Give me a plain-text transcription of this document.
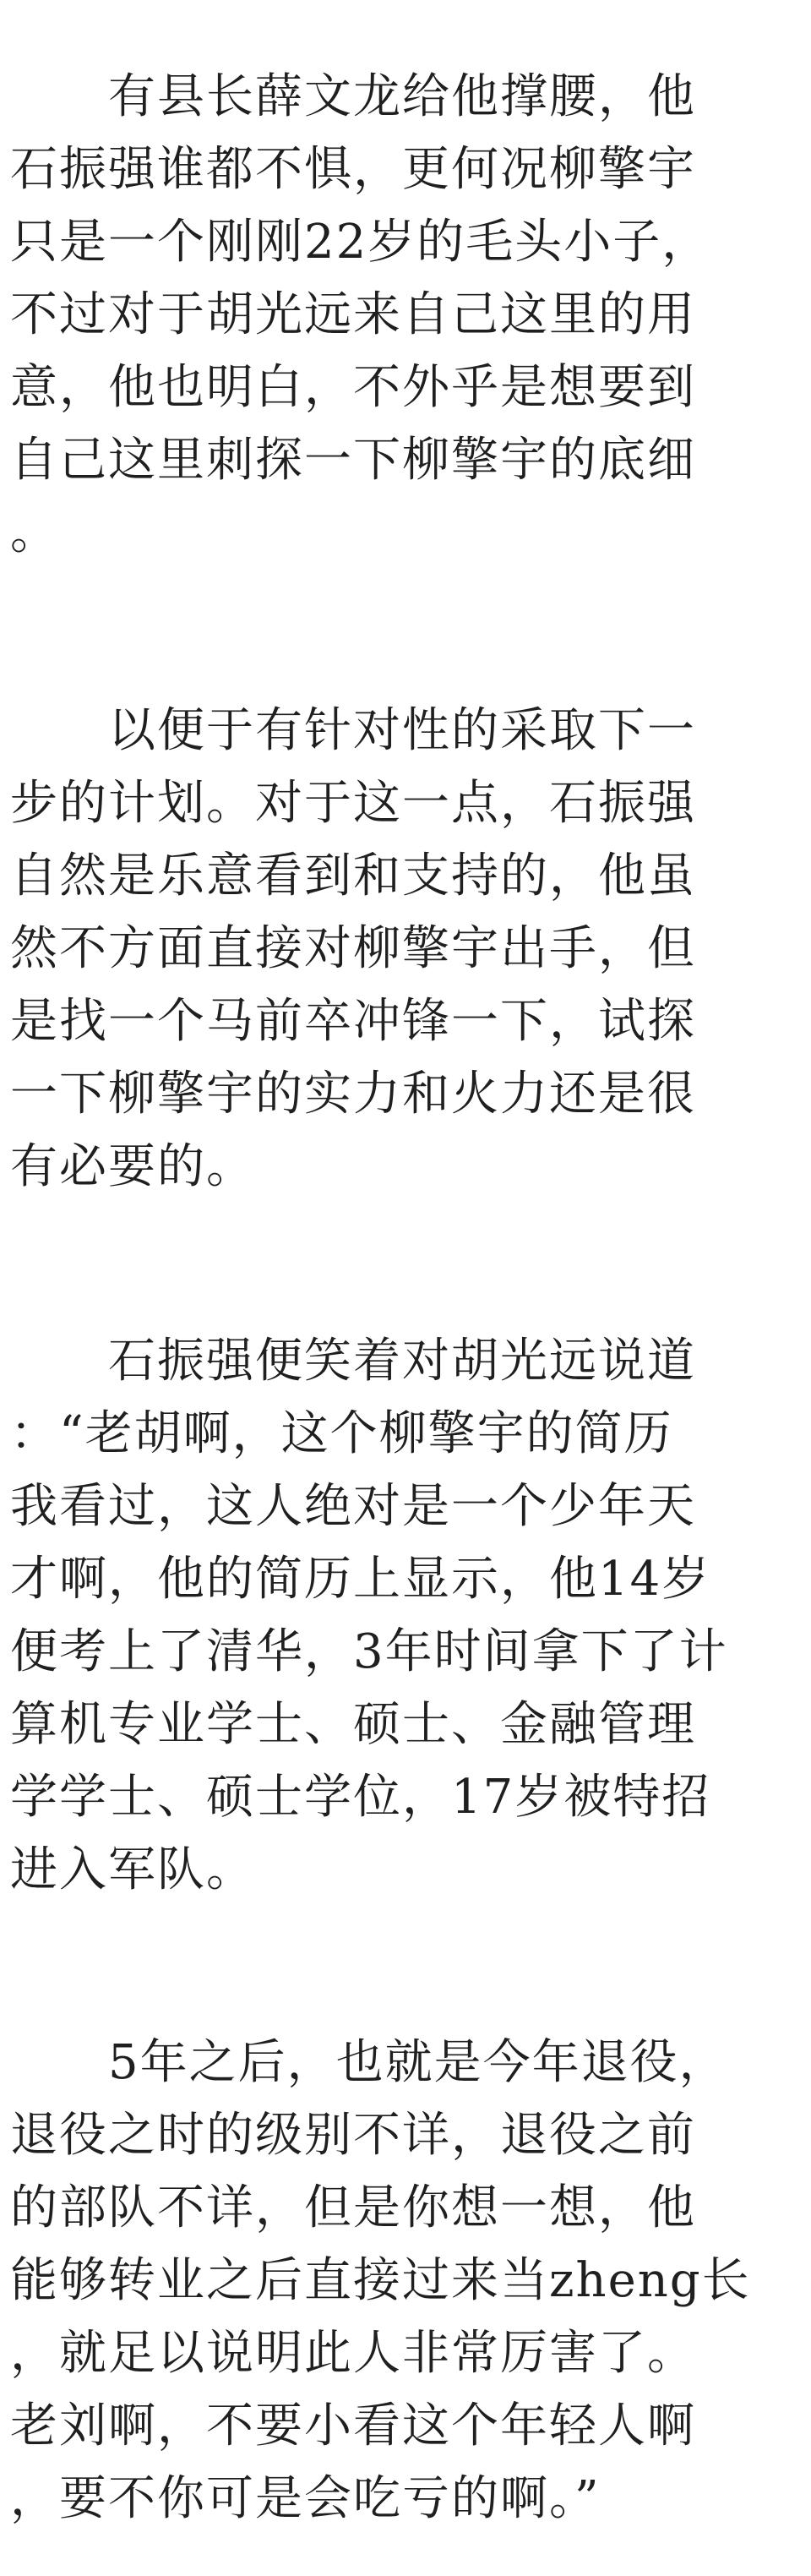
　　有县长薛文龙给他撑腰，他
石振强谁都不惧，更何况柳擎宇
只是一个刚刚22岁的毛头小子，
不过对于胡光远来自己这里的用
意，他也明白，不外乎是想要到
自己这里刺探一下柳擎宇的底细
。
　　以便于有针对性的采取下一
步的计划。对于这一点，石振强
自然是乐意看到和支持的，他虽
然不方面直接对柳擎宇出手，但
是找一个马前卒冲锋一下，试探
一下柳擎宇的实力和火力还是很
有必要的。
　　石振强便笑着对胡光远说道
：“老胡啊，这个柳擎宇的简历
我看过，这人绝对是一个少年天
才啊，他的简历上显示，他14岁
便考上了清华，3年时间拿下了计
算机专业学士、硕士、金融管理
学学士、硕士学位，17岁被特招
进入军队。
　　5年之后，也就是今年退役，
退役之时的级别不详，退役之前
的部队不详，但是你想一想，他
能够转业之后直接过来当zheng长
，就足以说明此人非常厉害了。
老刘啊，不要小看这个年轻人啊
，要不你可是会吃亏的啊。”
